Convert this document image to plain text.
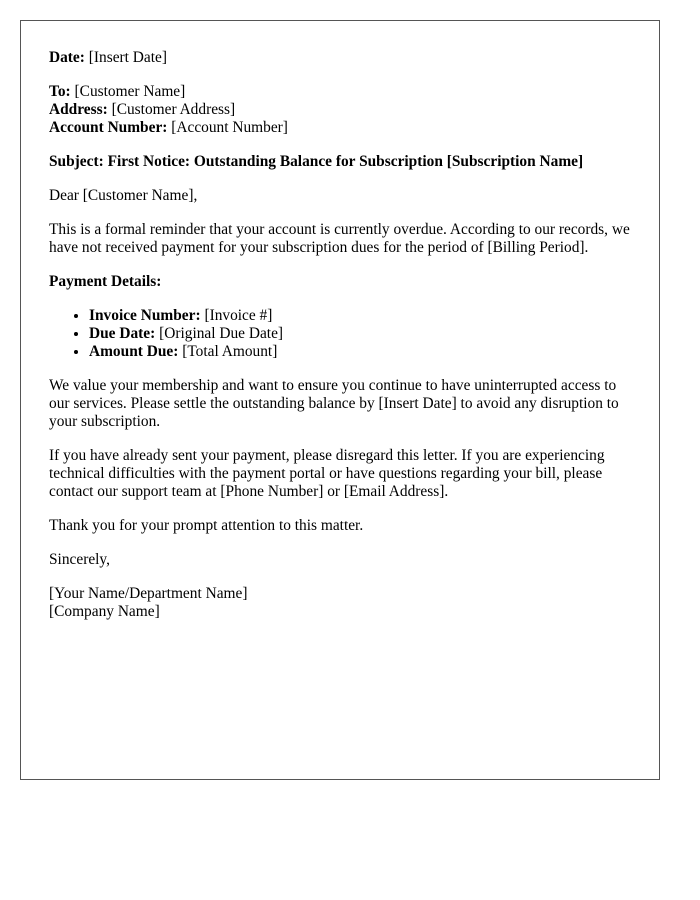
Date: [Insert Date]

To: [Customer Name]
Address: [Customer Address]
Account Number: [Account Number]

Subject: First Notice: Outstanding Balance for Subscription [Subscription Name]

Dear [Customer Name],

This is a formal reminder that your account is currently overdue. According to our records, we have not received payment for your subscription dues for the period of [Billing Period].

Payment Details:

• Invoice Number: [Invoice #]
• Due Date: [Original Due Date]
• Amount Due: [Total Amount]

We value your membership and want to ensure you continue to have uninterrupted access to our services. Please settle the outstanding balance by [Insert Date] to avoid any disruption to your subscription.

If you have already sent your payment, please disregard this letter. If you are experiencing technical difficulties with the payment portal or have questions regarding your bill, please contact our support team at [Phone Number] or [Email Address].

Thank you for your prompt attention to this matter.

Sincerely,

[Your Name/Department Name]
[Company Name]
